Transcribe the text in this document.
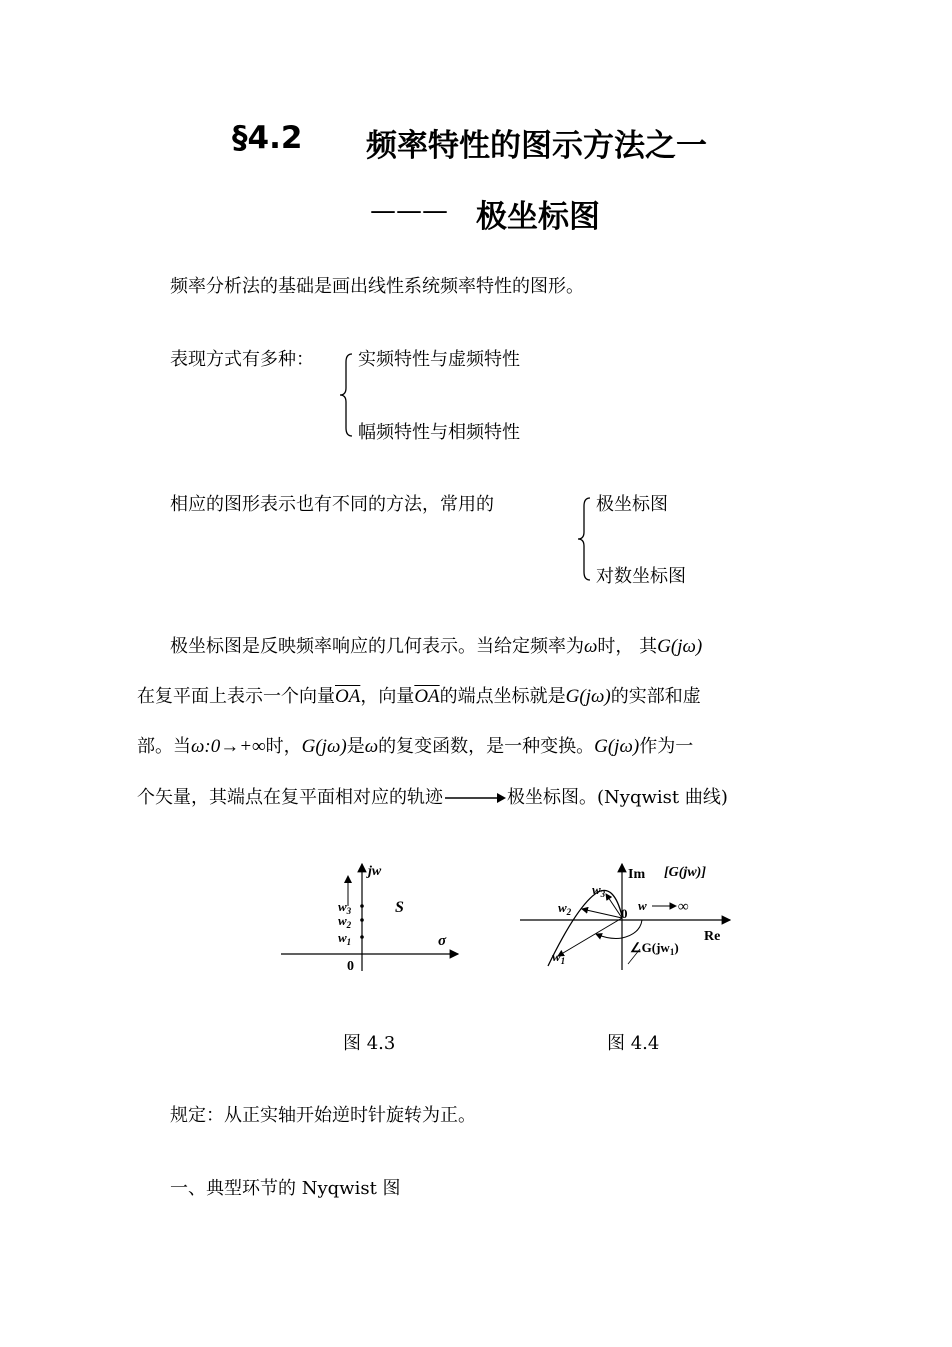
§4.2 频率特性的图示方法之一
——— 极坐标图
频率分析法的基础是画出线性系统频率特性的图形。
表现方式有多种： 实频特性与虚频特性
幅频特性与相频特性
相应的图形表示也有不同的方法，常用的	极坐标图
对数坐标图
极坐标图是反映频率响应的几何表示。当给定频率为ω时， 其G(jω)
在复平面上表示一个向量$\overline{OA}$，向量$\overline{OA}$的端点坐标就是G(jω)的实部和虚
部。当ω:0→+∞时，G(jω)是ω的复变函数，是一种变换。G(jω)作为一
个矢量，其端点在复平面相对应的轨迹	极坐标图。(Nyqwist 曲线)
jw
$w_3$
$w_2$
$w_1$
S
σ
0
Im [G(jw)]
Re
0
w ∞
$w_3$
$w_2$
$w_1$
$\angle G(jw_1)$
图 4.3	图 4.4
规定：从正实轴开始逆时针旋转为正。
一、典型环节的 Nyqwist 图
